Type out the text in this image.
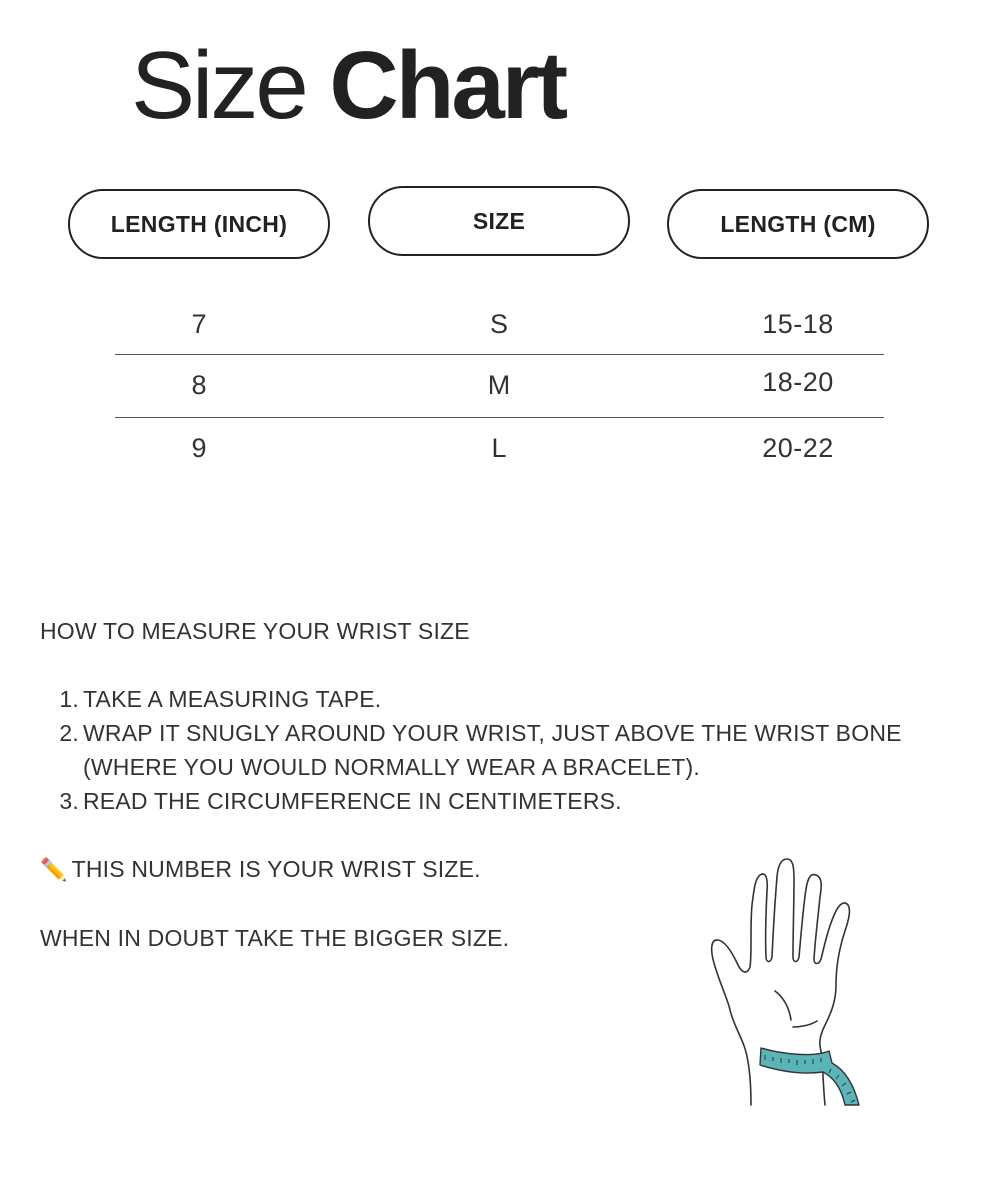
Size Chart
LENGTH (INCH)	SIZE	LENGTH (CM)
7	S	15-18
8	M	18-20
9	L	20-22

HOW TO MEASURE YOUR WRIST SIZE

1. TAKE A MEASURING TAPE.
2. WRAP IT SNUGLY AROUND YOUR WRIST, JUST ABOVE THE WRIST BONE (WHERE YOU WOULD NORMALLY WEAR A BRACELET).
3. READ THE CIRCUMFERENCE IN CENTIMETERS.

✏️ THIS NUMBER IS YOUR WRIST SIZE.

WHEN IN DOUBT TAKE THE BIGGER SIZE.
